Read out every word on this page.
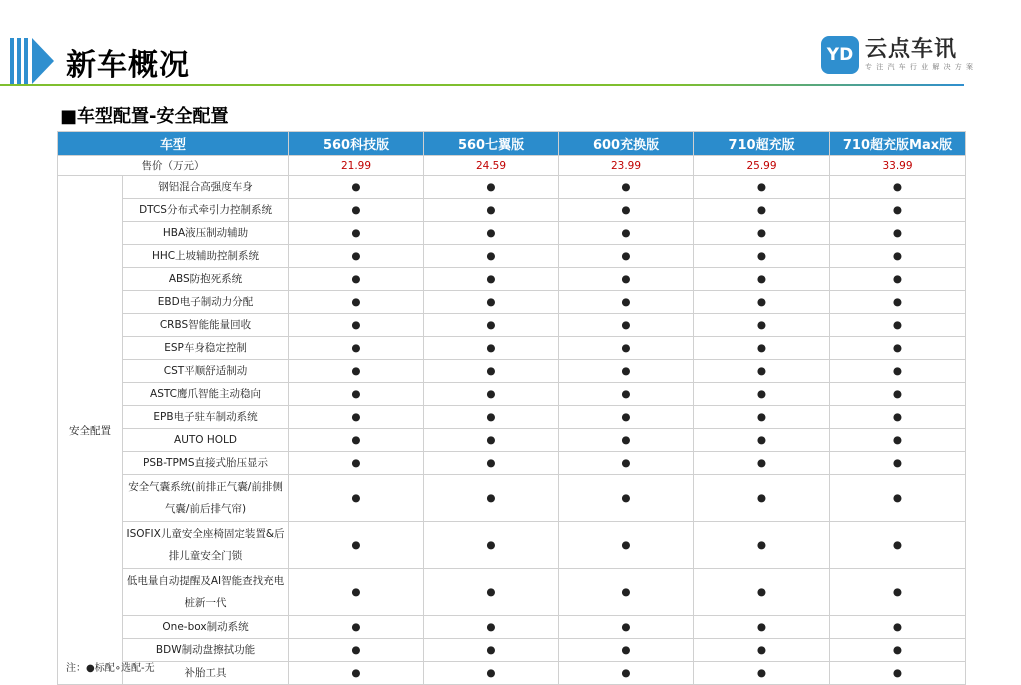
新车概况	YD 云点车讯
专 注 汽 车 行 业 解 决 方 案
■车型配置-安全配置
车型		560科技版	560七翼版	600充换版	710超充版	710超充版Max版
售价（万元）		21.99	24.59	23.99	25.99	33.99
安全配置	钢铝混合高强度车身	●	●	●	●	●
	DTCS分布式牵引力控制系统	●	●	●	●	●
	HBA液压制动辅助	●	●	●	●	●
	HHC上坡辅助控制系统	●	●	●	●	●
	ABS防抱死系统	●	●	●	●	●
	EBD电子制动力分配	●	●	●	●	●
	CRBS智能能量回收	●	●	●	●	●
	ESP车身稳定控制	●	●	●	●	●
	CST平顺舒适制动	●	●	●	●	●
	ASTC鹰爪智能主动稳向	●	●	●	●	●
	EPB电子驻车制动系统	●	●	●	●	●
	AUTO HOLD	●	●	●	●	●
	PSB-TPMS直接式胎压显示	●	●	●	●	●
	安全气囊系统(前排正气囊/前排侧气囊/前后排气帘)	●	●	●	●	●
	ISOFIX儿童安全座椅固定装置&后排儿童安全门锁	●	●	●	●	●
	低电量自动提醒及AI智能查找充电桩新一代	●	●	●	●	●
	One-box制动系统	●	●	●	●	●
	BDW制动盘擦拭功能	●	●	●	●	●
	补胎工具	●	●	●	●	●
注：●标配∘选配-无
